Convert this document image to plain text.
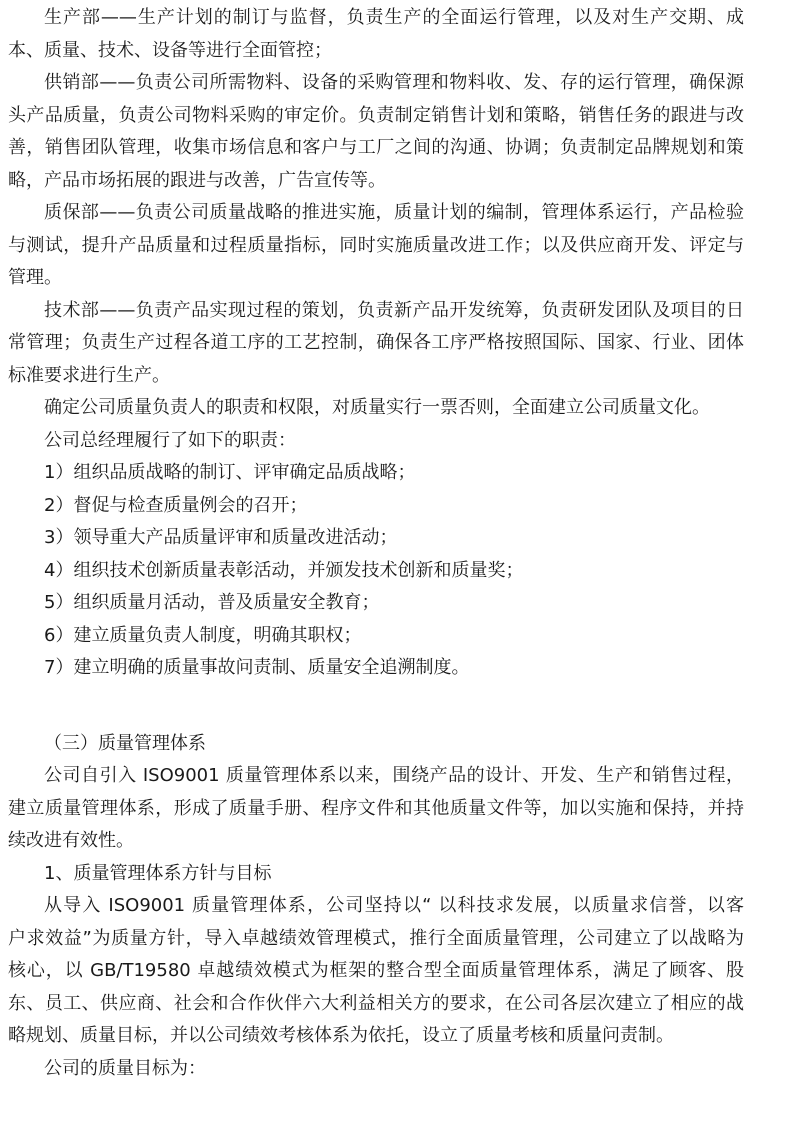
生产部——生产计划的制订与监督，负责生产的全面运行管理，以及对生产交期、成
本、质量、技术、设备等进行全面管控；
供销部——负责公司所需物料、设备的采购管理和物料收、发、存的运行管理，确保源
头产品质量，负责公司物料采购的审定价。负责制定销售计划和策略，销售任务的跟进与改
善，销售团队管理，收集市场信息和客户与工厂之间的沟通、协调；负责制定品牌规划和策
略，产品市场拓展的跟进与改善，广告宣传等。
质保部——负责公司质量战略的推进实施，质量计划的编制，管理体系运行，产品检验
与测试，提升产品质量和过程质量指标，同时实施质量改进工作；以及供应商开发、评定与
管理。
技术部——负责产品实现过程的策划，负责新产品开发统筹，负责研发团队及项目的日
常管理；负责生产过程各道工序的工艺控制，确保各工序严格按照国际、国家、行业、团体
标准要求进行生产。
确定公司质量负责人的职责和权限，对质量实行一票否则，全面建立公司质量文化。
公司总经理履行了如下的职责：
1）组织品质战略的制订、评审确定品质战略；
2）督促与检查质量例会的召开；
3）领导重大产品质量评审和质量改进活动；
4）组织技术创新质量表彰活动，并颁发技术创新和质量奖；
5）组织质量月活动，普及质量安全教育；
6）建立质量负责人制度，明确其职权；
7）建立明确的质量事故问责制、质量安全追溯制度。
（三）质量管理体系
公司自引入 ISO9001 质量管理体系以来，围绕产品的设计、开发、生产和销售过程，
建立质量管理体系，形成了质量手册、程序文件和其他质量文件等，加以实施和保持，并持
续改进有效性。
1、质量管理体系方针与目标
从导入 ISO9001 质量管理体系，公司坚持以“ 以科技求发展，以质量求信誉，以客
户求效益”为质量方针，导入卓越绩效管理模式，推行全面质量管理，公司建立了以战略为
核心，以 GB/T19580 卓越绩效模式为框架的整合型全面质量管理体系，满足了顾客、股
东、员工、供应商、社会和合作伙伴六大利益相关方的要求，在公司各层次建立了相应的战
略规划、质量目标，并以公司绩效考核体系为依托，设立了质量考核和质量问责制。
公司的质量目标为：
